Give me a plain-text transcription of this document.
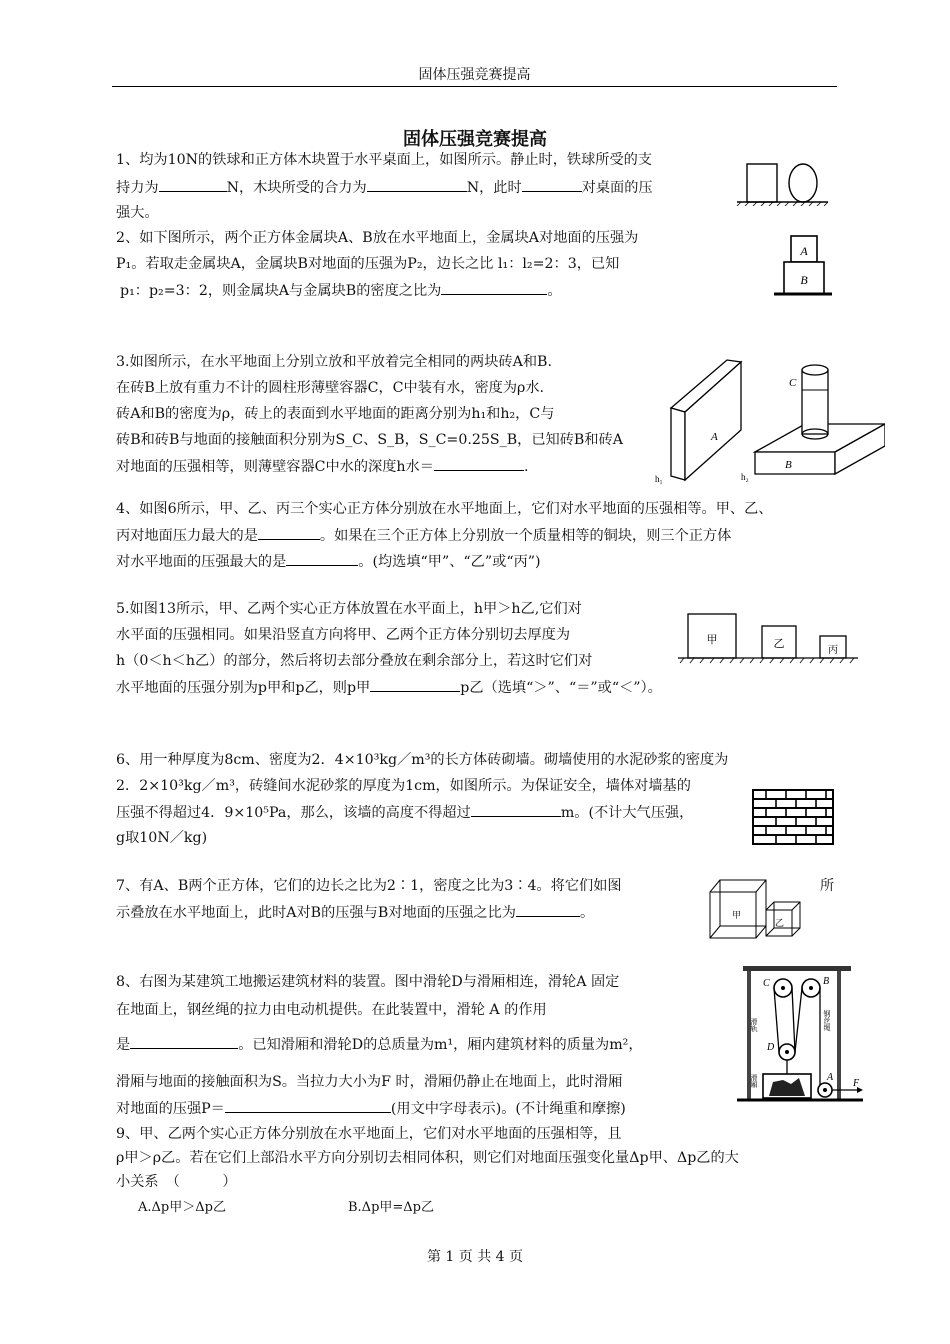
固体压强竞赛提高
固体压强竞赛提高
1、均为10N的铁球和正方体木块置于水平桌面上，如图所示。静止时，铁球所受的支
持力为	N，木块所受的合力为	N，此时	对桌面的压
强大。
2、如下图所示，两个正方体金属块A、B放在水平地面上，金属块A对地面的压强为
P₁。若取走金属块A，金属块B对地面的压强为P₂，边长之比 l₁：l₂=2：3，已知
p₁：p₂=3：2，则金属块A与金属块B的密度之比为	。
A
B
3.如图所示，在水平地面上分别立放和平放着完全相同的两块砖A和B.
在砖B上放有重力不计的圆柱形薄壁容器C，C中装有水，密度为ρ水.
砖A和B的密度为ρ，砖上的表面到水平地面的距离分别为h₁和h₂，C与
砖B和砖B与地面的接触面积分别为S_C、S_B，S_C=0.25S_B，已知砖B和砖A
对地面的压强相等，则薄壁容器C中水的深度h水＝	.
A
h₁
B
h₂
C
4、如图6所示，甲、乙、丙三个实心正方体分别放在水平地面上，它们对水平地面的压强相等。甲、乙、
丙对地面压力最大的是	。如果在三个正方体上分别放一个质量相等的铜块，则三个正方体
对水平地面的压强最大的是	。(均选填“甲”、“乙”或“丙”)
5.如图13所示，甲、乙两个实心正方体放置在水平面上，h甲＞h乙,它们对
水平面的压强相同。如果沿竖直方向将甲、乙两个正方体分别切去厚度为
h（0＜h＜h乙）的部分，然后将切去部分叠放在剩余部分上，若这时它们对
水平地面的压强分别为p甲和p乙，则p甲	p乙（选填“＞”、“＝”或“＜”）。
甲	乙
丙
6、用一种厚度为8cm、密度为2．4×10³kg／m³的长方体砖砌墙。砌墙使用的水泥砂浆的密度为
2．2×10³kg／m³，砖缝间水泥砂浆的厚度为1cm，如图所示。为保证安全，墙体对墙基的
压强不得超过4．9×10⁵Pa，那么，该墙的高度不得超过	m。(不计大气压强，
g取10N／kg)
7、有A、B两个正方体，它们的边长之比为2∶1，密度之比为3∶4。将它们如图	所
示叠放在水平地面上，此时A对B的压强与B对地面的压强之比为	。	甲
乙
8、右图为某建筑工地搬运建筑材料的装置。图中滑轮D与滑厢相连，滑轮A 固定
在地面上，钢丝绳的拉力由电动机提供。在此装置中，滑轮 A 的作用
是	。已知滑厢和滑轮D的总质量为m¹，厢内建筑材料的质量为m²，
滑厢与地面的接触面积为S。当拉力大小为F 时，滑厢仍静止在地面上，此时滑厢
对地面的压强P＝	(用文中字母表示)。(不计绳重和摩擦)
C	B
D
A
F
滑轨	钢丝绳
滑厢
9、甲、乙两个实心正方体分别放在水平地面上，它们对水平地面的压强相等，且
ρ甲＞ρ乙。若在它们上部沿水平方向分别切去相同体积，则它们对地面压强变化量Δp甲、Δp乙的大
小关系　（　　　）
A.Δp甲＞Δp乙	B.Δp甲=Δp乙
第 1 页 共 4 页
